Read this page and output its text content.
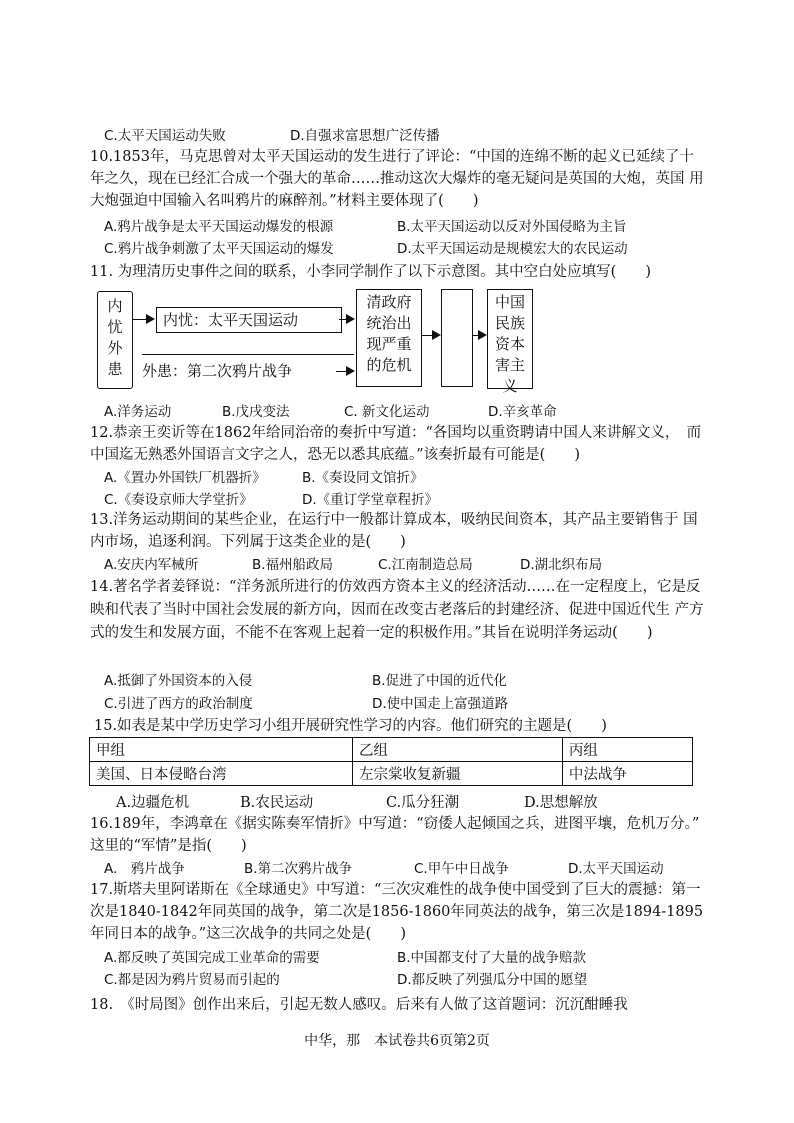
C.太平天国运动失败	D.自强求富思想广泛传播
10.1853年，马克思曾对太平天国运动的发生进行了评论：“中国的连绵不断的起义已延续了十 年之久，现在已经汇合成一个强大的革命……推动这次大爆炸的毫无疑问是英国的大炮，英国 用大炮强迫中国输入名叫鸦片的麻醉剂。”材料主要体现了(　　)
A.鸦片战争是太平天国运动爆发的根源	B.太平天国运动以反对外国侵略为主旨
C.鸦片战争刺激了太平天国运动的爆发	D.太平天国运动是规模宏大的农民运动
11. 为理清历史事件之间的联系，小李同学制作了以下示意图。其中空白处应填写(　　)
内
忧
外
患
内忧：太平天国运动
外患：第二次鸦片战争
清政府
统治出
现严重
的危机
中国
民族
资本
害主义
A.洋务运动	B.戊戌变法	C. 新文化运动	D.辛亥革命
12.恭亲王奕䜣等在1862年给同治帝的奏折中写道：“各国均以重资聘请中国人来讲解文义，　而中国迄无熟悉外国语言文字之人，恐无以悉其底蕴。”该奏折最有可能是(　　)
A.《置办外国铁厂机器折》	B.《奏设同文馆折》
C.《奏设京师大学堂折》	D.《重订学堂章程折》
13.洋务运动期间的某些企业，在运行中一般都计算成本，吸纳民间资本，其产品主要销售于 国内市场，追逐利润。下列属于这类企业的是(　　)
A.安庆内军械所	B.福州船政局	C.江南制造总局	D.湖北织布局
14.著名学者姜铎说：“洋务派所进行的仿效西方资本主义的经济活动……在一定程度上，它是反映和代表了当时中国社会发展的新方向，因而在改变古老落后的封建经济、促进中国近代生 产方式的发生和发展方面，不能不在客观上起着一定的积极作用。”其旨在说明洋务运动(　　)
A.抵御了外国资本的入侵	B.促进了中国的近代化
C.引进了西方的政治制度	D.使中国走上富强道路
15.如表是某中学历史学习小组开展研究性学习的内容。他们研究的主题是(　　)
甲组	乙组	丙组
美国、日本侵略台湾	左宗棠收复新疆	中法战争
A.边疆危机	B.农民运动	C.瓜分狂潮	D.思想解放
16.189年，李鸿章在《据实陈奏军情折》中写道：“窃倭人起倾国之兵，进图平壤，危机万分。”　这里的“军情”是指(　　)
A.　鸦片战争	B.第二次鸦片战争	C.甲午中日战争	D.太平天国运动
17.斯塔夫里阿诺斯在《全球通史》中写道：“三次灾难性的战争使中国受到了巨大的震撼：第一次是1840-1842年同英国的战争，第二次是1856-1860年同英法的战争，第三次是1894-1895 年同日本的战争。”这三次战争的共同之处是(　　)
A.都反映了英国完成工业革命的需要	B.中国都支付了大量的战争赔款
C.都是因为鸦片贸易而引起的	D.都反映了列强瓜分中国的愿望
18.　《时局图》创作出来后，引起无数人感叹。后来有人做了这首题词：沉沉酣睡我
中华，那　本试卷共6页第2页
